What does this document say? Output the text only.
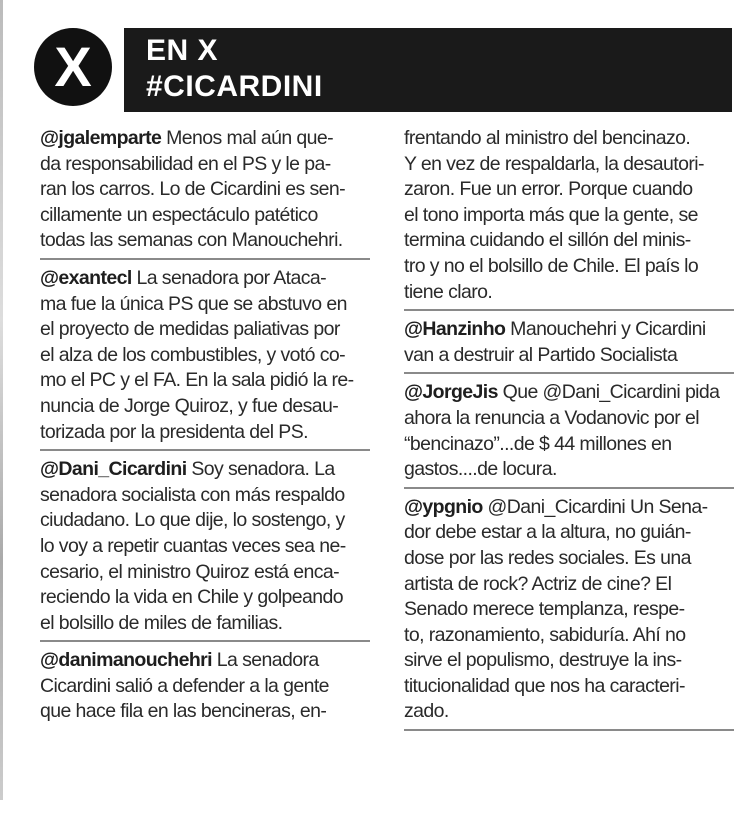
X	EN X
#CICARDINI
@jgalemparte Menos mal aún que-
da responsabilidad en el PS y le pa-
ran los carros. Lo de Cicardini es sen-
cillamente un espectáculo patético
todas las semanas con Manouchehri.
@exantecl La senadora por Ataca-
ma fue la única PS que se abstuvo en
el proyecto de medidas paliativas por
el alza de los combustibles, y votó co-
mo el PC y el FA. En la sala pidió la re-
nuncia de Jorge Quiroz, y fue desau-
torizada por la presidenta del PS.
@Dani_Cicardini Soy senadora. La
senadora socialista con más respaldo
ciudadano. Lo que dije, lo sostengo, y
lo voy a repetir cuantas veces sea ne-
cesario, el ministro Quiroz está enca-
reciendo la vida en Chile y golpeando
el bolsillo de miles de familias.
@danimanouchehri La senadora
Cicardini salió a defender a la gente
que hace fila en las bencineras, en-
frentando al ministro del bencinazo.
Y en vez de respaldarla, la desautori-
zaron. Fue un error. Porque cuando
el tono importa más que la gente, se
termina cuidando el sillón del minis-
tro y no el bolsillo de Chile. El país lo
tiene claro.
@Hanzinho Manouchehri y Cicardini
van a destruir al Partido Socialista
@JorgeJis Que @Dani_Cicardini pida
ahora la renuncia a Vodanovic por el
“bencinazo”...de $ 44 millones en
gastos....de locura.
@ypgnio @Dani_Cicardini Un Sena-
dor debe estar a la altura, no guián-
dose por las redes sociales. Es una
artista de rock? Actriz de cine? El
Senado merece templanza, respe-
to, razonamiento, sabiduría. Ahí no
sirve el populismo, destruye la ins-
titucionalidad que nos ha caracteri-
zado.
